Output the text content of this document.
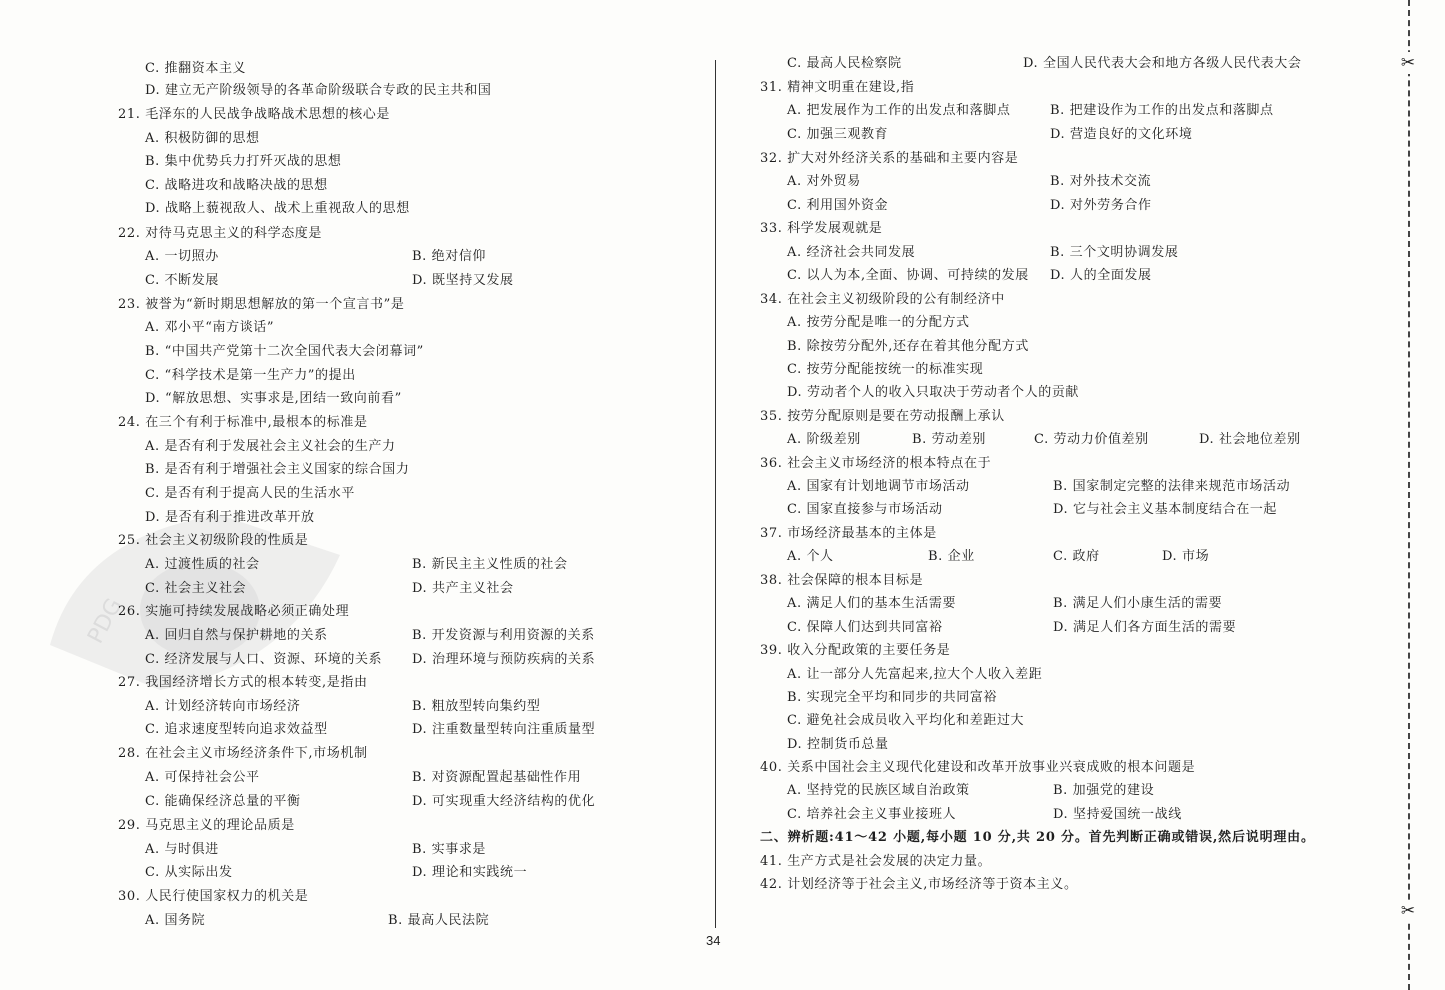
PDG
C. 推翻资本主义
D. 建立无产阶级领导的各革命阶级联合专政的民主共和国
21. 毛泽东的人民战争战略战术思想的核心是
A. 积极防御的思想
B. 集中优势兵力打歼灭战的思想
C. 战略进攻和战略决战的思想
D. 战略上藐视敌人、战术上重视敌人的思想
22. 对待马克思主义的科学态度是
A. 一切照办	B. 绝对信仰
C. 不断发展	D. 既坚持又发展
23. 被誉为“新时期思想解放的第一个宣言书”是
A. 邓小平“南方谈话”
B. “中国共产党第十二次全国代表大会闭幕词”
C. “科学技术是第一生产力”的提出
D. “解放思想、实事求是,团结一致向前看”
24. 在三个有利于标准中,最根本的标准是
A. 是否有利于发展社会主义社会的生产力
B. 是否有利于增强社会主义国家的综合国力
C. 是否有利于提高人民的生活水平
D. 是否有利于推进改革开放
25. 社会主义初级阶段的性质是
A. 过渡性质的社会	B. 新民主主义性质的社会
C. 社会主义社会	D. 共产主义社会
26. 实施可持续发展战略必须正确处理
A. 回归自然与保护耕地的关系	B. 开发资源与利用资源的关系
C. 经济发展与人口、资源、环境的关系 D. 治理环境与预防疾病的关系
27. 我国经济增长方式的根本转变,是指由
A. 计划经济转向市场经济	B. 粗放型转向集约型
C. 追求速度型转向追求效益型	D. 注重数量型转向注重质量型
28. 在社会主义市场经济条件下,市场机制
A. 可保持社会公平	B. 对资源配置起基础性作用
C. 能确保经济总量的平衡	D. 可实现重大经济结构的优化
29. 马克思主义的理论品质是
A. 与时俱进	B. 实事求是
C. 从实际出发	D. 理论和实践统一
30. 人民行使国家权力的机关是
A. 国务院	B. 最高人民法院
C. 最高人民检察院	D. 全国人民代表大会和地方各级人民代表大会
31. 精神文明重在建设,指
A. 把发展作为工作的出发点和落脚点	B. 把建设作为工作的出发点和落脚点
C. 加强三观教育	D. 营造良好的文化环境
32. 扩大对外经济关系的基础和主要内容是
A. 对外贸易	B. 对外技术交流
C. 利用国外资金	D. 对外劳务合作
33. 科学发展观就是
A. 经济社会共同发展	B. 三个文明协调发展
C. 以人为本,全面、协调、可持续的发展 D. 人的全面发展
34. 在社会主义初级阶段的公有制经济中
A. 按劳分配是唯一的分配方式
B. 除按劳分配外,还存在着其他分配方式
C. 按劳分配能按统一的标准实现
D. 劳动者个人的收入只取决于劳动者个人的贡献
35. 按劳分配原则是要在劳动报酬上承认
A. 阶级差别	B. 劳动差别	C. 劳动力价值差别	D. 社会地位差别
36. 社会主义市场经济的根本特点在于
A. 国家有计划地调节市场活动	B. 国家制定完整的法律来规范市场活动
C. 国家直接参与市场活动	D. 它与社会主义基本制度结合在一起
37. 市场经济最基本的主体是
A. 个人	B. 企业	C. 政府	D. 市场
38. 社会保障的根本目标是
A. 满足人们的基本生活需要	B. 满足人们小康生活的需要
C. 保障人们达到共同富裕	D. 满足人们各方面生活的需要
39. 收入分配政策的主要任务是
A. 让一部分人先富起来,拉大个人收入差距
B. 实现完全平均和同步的共同富裕
C. 避免社会成员收入平均化和差距过大
D. 控制货币总量
40. 关系中国社会主义现代化建设和改革开放事业兴衰成败的根本问题是
A. 坚持党的民族区域自治政策	B. 加强党的建设
C. 培养社会主义事业接班人	D. 坚持爱国统一战线
二、辨析题:41～42 小题,每小题 10 分,共 20 分。首先判断正确或错误,然后说明理由。
41. 生产方式是社会发展的决定力量。
42. 计划经济等于社会主义,市场经济等于资本主义。
34
✂
✂
